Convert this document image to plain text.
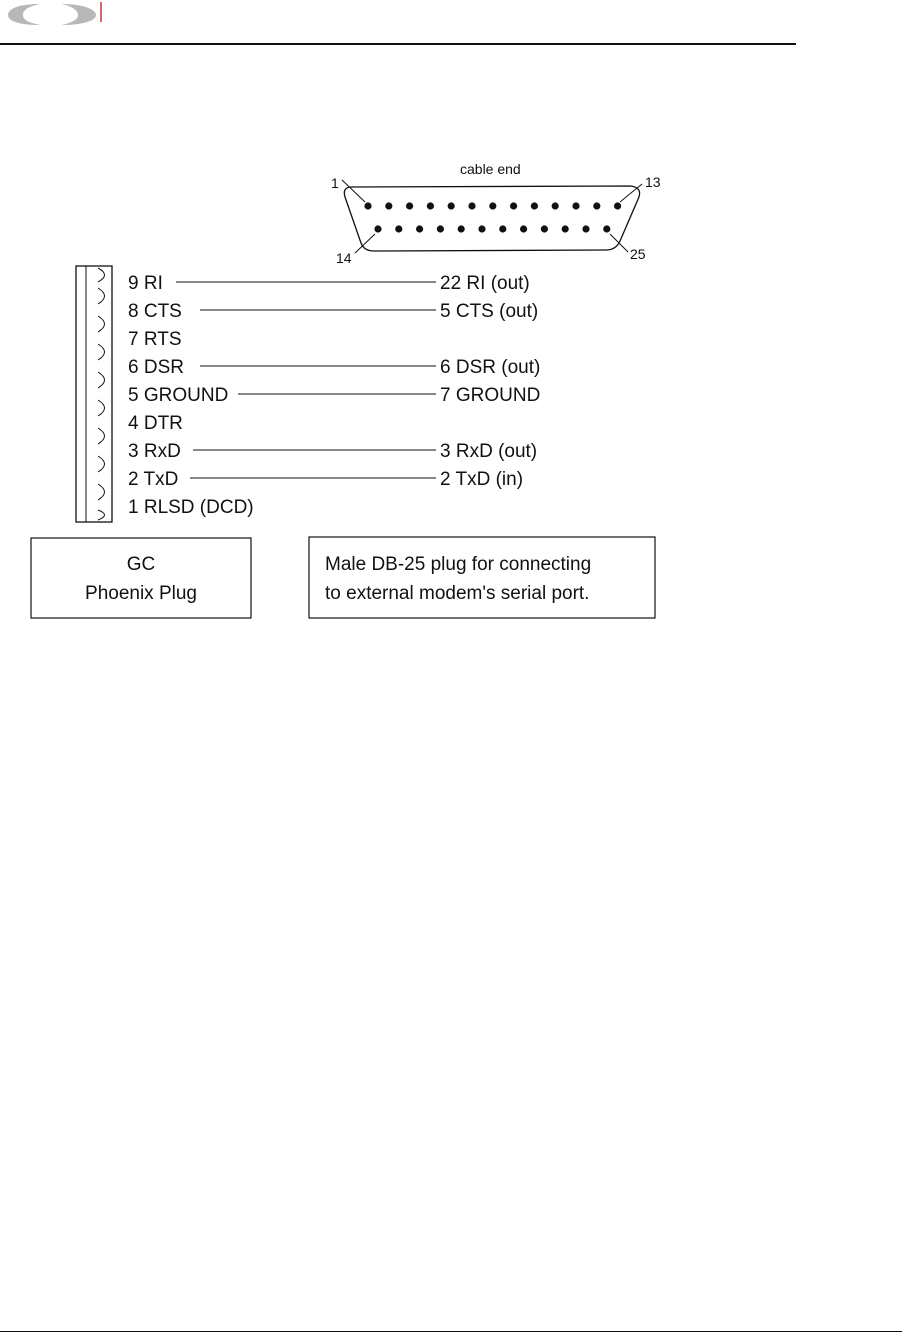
cable end
1	13
14	25
9 RI
8 CTS
7 RTS
6 DSR
5 GROUND
4 DTR
3 RxD
2 TxD
1 RLSD (DCD)
22 RI (out)
5 CTS (out)
6 DSR (out)
7 GROUND
3 RxD (out)
2 TxD (in)
GC
Phoenix Plug
Male DB-25 plug for connecting
to external modem's serial port.
